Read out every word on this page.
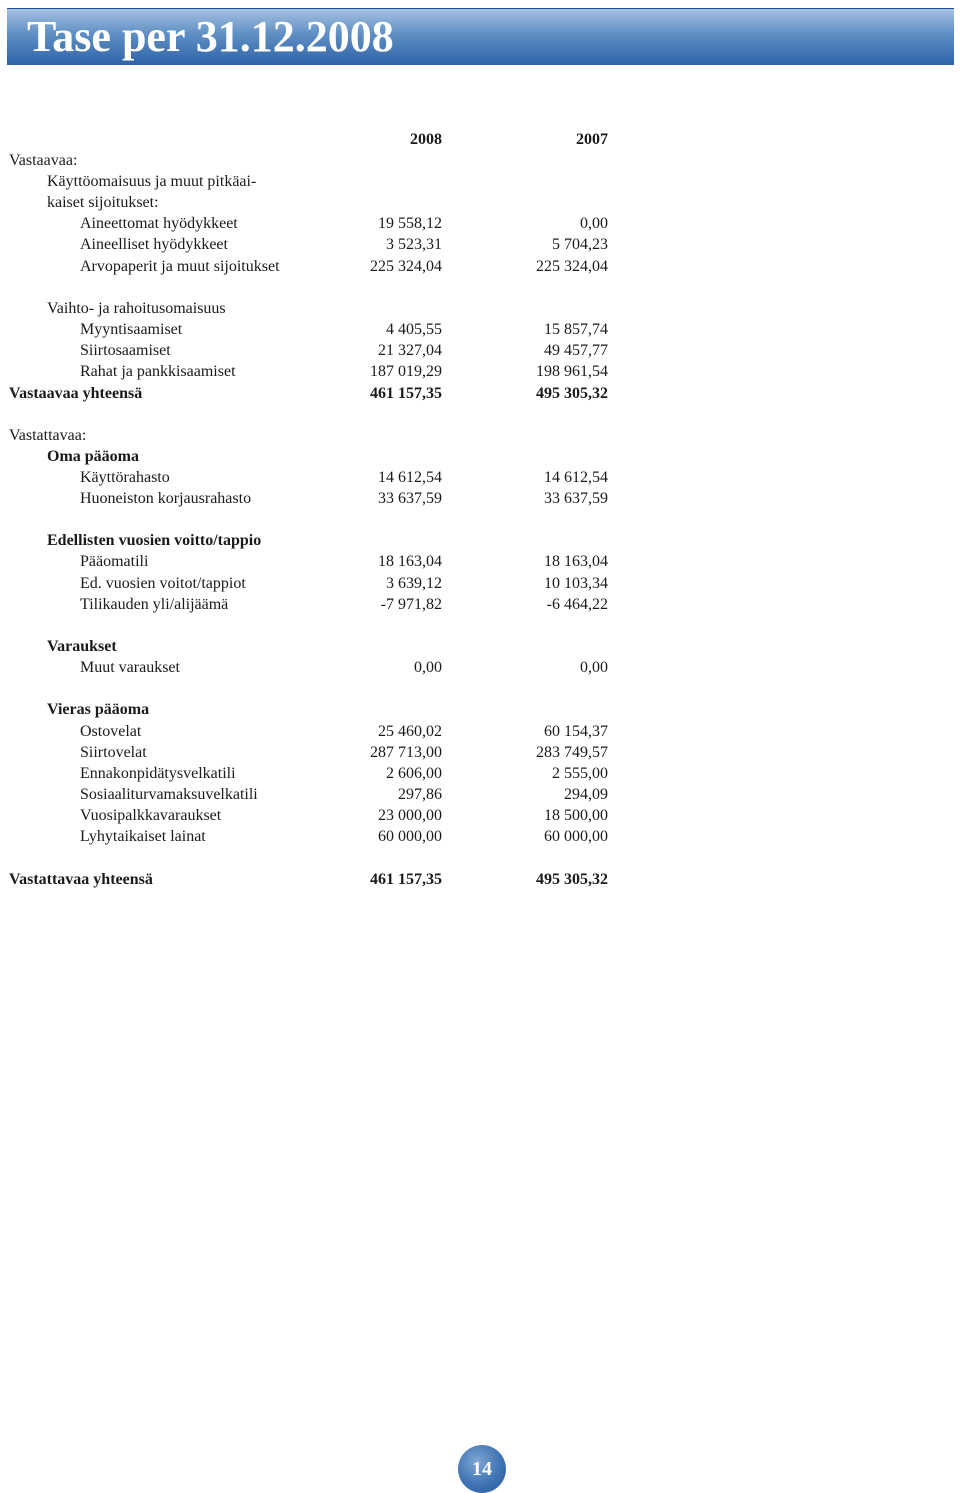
Tase per 31.12.2008
2008	2007
Vastaavaa:
Käyttöomaisuus ja muut pitkäai-
kaiset sijoitukset:
Aineettomat hyödykkeet	19 558,12	0,00
Aineelliset hyödykkeet	3 523,31	5 704,23
Arvopaperit ja muut sijoitukset	225 324,04	225 324,04
Vaihto- ja rahoitusomaisuus
Myyntisaamiset	4 405,55	15 857,74
Siirtosaamiset	21 327,04	49 457,77
Rahat ja pankkisaamiset	187 019,29	198 961,54
Vastaavaa yhteensä	461 157,35	495 305,32
Vastattavaa:
Oma pääoma
Käyttörahasto	14 612,54	14 612,54
Huoneiston korjausrahasto	33 637,59	33 637,59
Edellisten vuosien voitto/tappio
Pääomatili	18 163,04	18 163,04
Ed. vuosien voitot/tappiot	3 639,12	10 103,34
Tilikauden yli/alijäämä	-7 971,82	-6 464,22
Varaukset
Muut varaukset	0,00	0,00
Vieras pääoma
Ostovelat	25 460,02	60 154,37
Siirtovelat	287 713,00	283 749,57
Ennakonpidätysvelkatili	2 606,00	2 555,00
Sosiaaliturvamaksuvelkatili	297,86	294,09
Vuosipalkkavaraukset	23 000,00	18 500,00
Lyhytaikaiset lainat	60 000,00	60 000,00
Vastattavaa yhteensä	461 157,35	495 305,32
14
